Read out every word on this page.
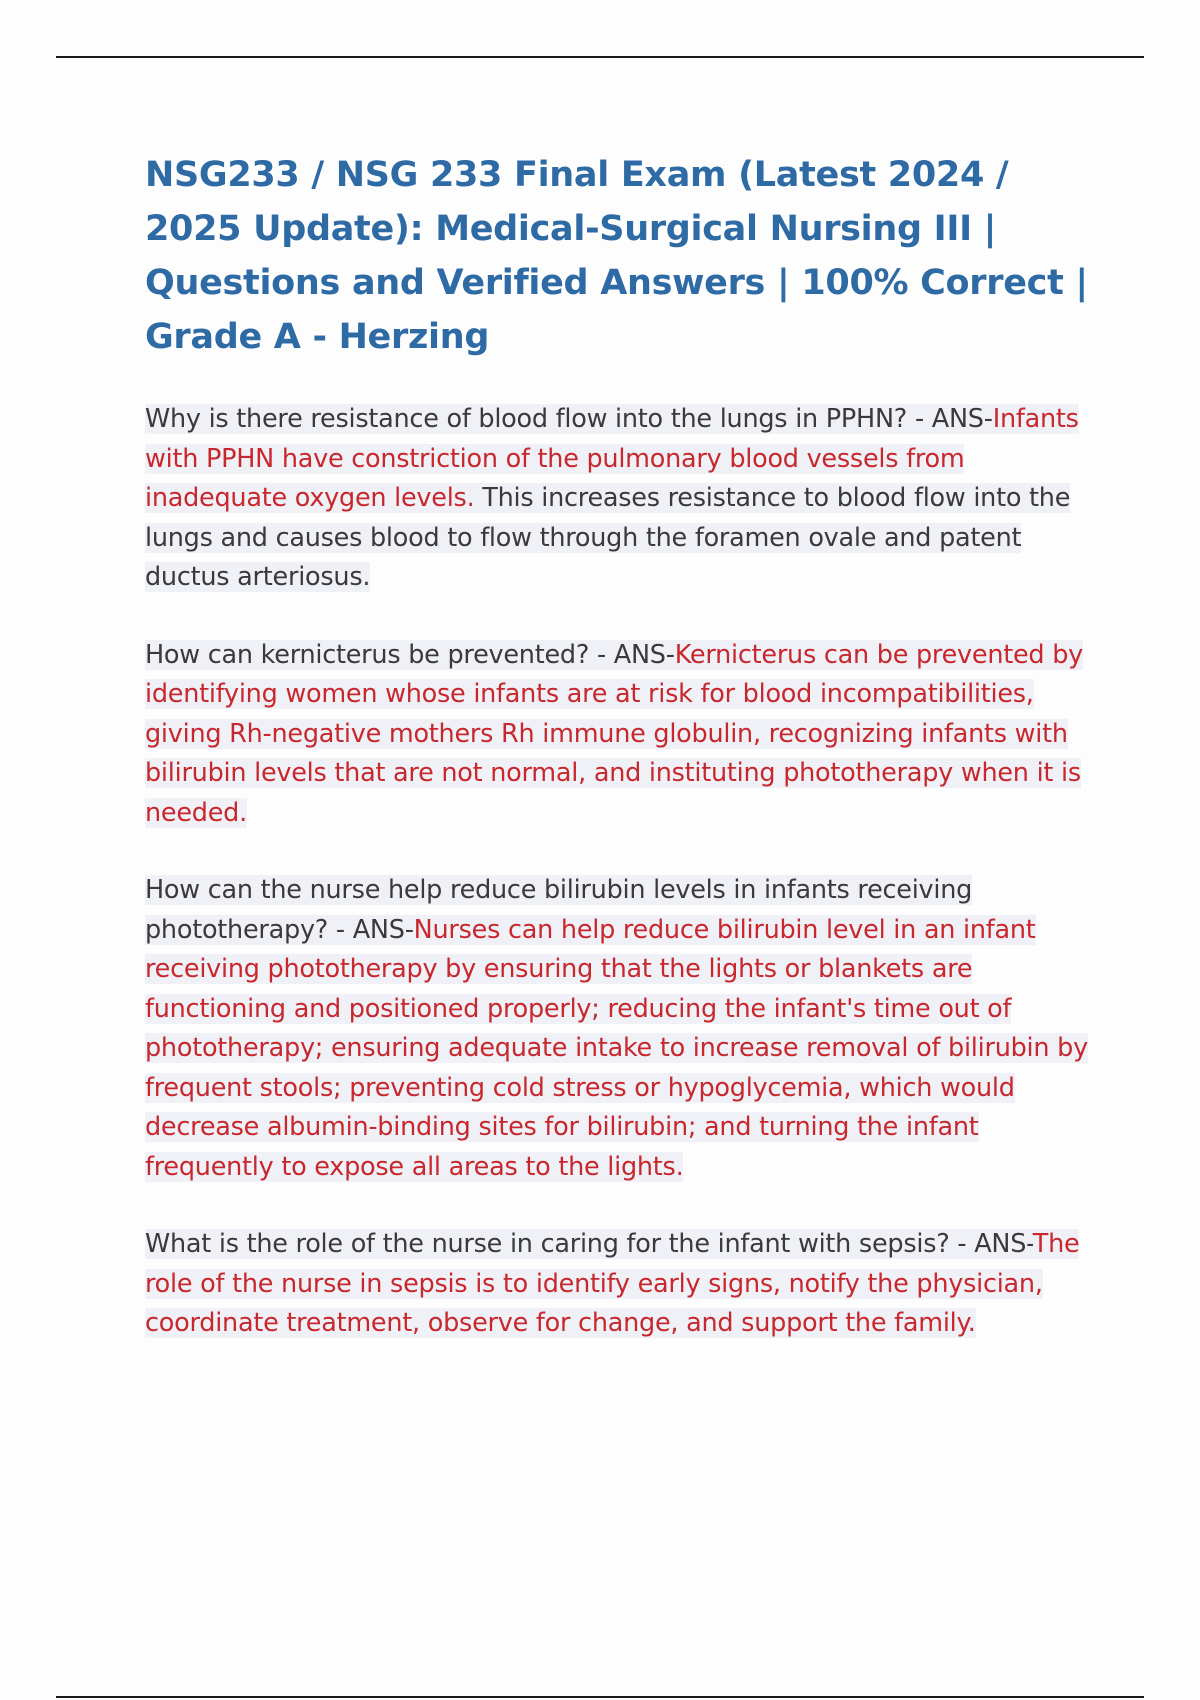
NSG233 / NSG 233 Final Exam (Latest 2024 / 2025 Update): Medical-Surgical Nursing III | Questions and Verified Answers | 100% Correct | Grade A - Herzing

Why is there resistance of blood flow into the lungs in PPHN? - ANS-Infants with PPHN have constriction of the pulmonary blood vessels from inadequate oxygen levels. This increases resistance to blood flow into the lungs and causes blood to flow through the foramen ovale and patent ductus arteriosus.

How can kernicterus be prevented? - ANS-Kernicterus can be prevented by identifying women whose infants are at risk for blood incompatibilities, giving Rh-negative mothers Rh immune globulin, recognizing infants with bilirubin levels that are not normal, and instituting phototherapy when it is needed.

How can the nurse help reduce bilirubin levels in infants receiving phototherapy? - ANS-Nurses can help reduce bilirubin level in an infant receiving phototherapy by ensuring that the lights or blankets are functioning and positioned properly; reducing the infant's time out of phototherapy; ensuring adequate intake to increase removal of bilirubin by frequent stools; preventing cold stress or hypoglycemia, which would decrease albumin-binding sites for bilirubin; and turning the infant frequently to expose all areas to the lights.

What is the role of the nurse in caring for the infant with sepsis? - ANS-The role of the nurse in sepsis is to identify early signs, notify the physician, coordinate treatment, observe for change, and support the family.
